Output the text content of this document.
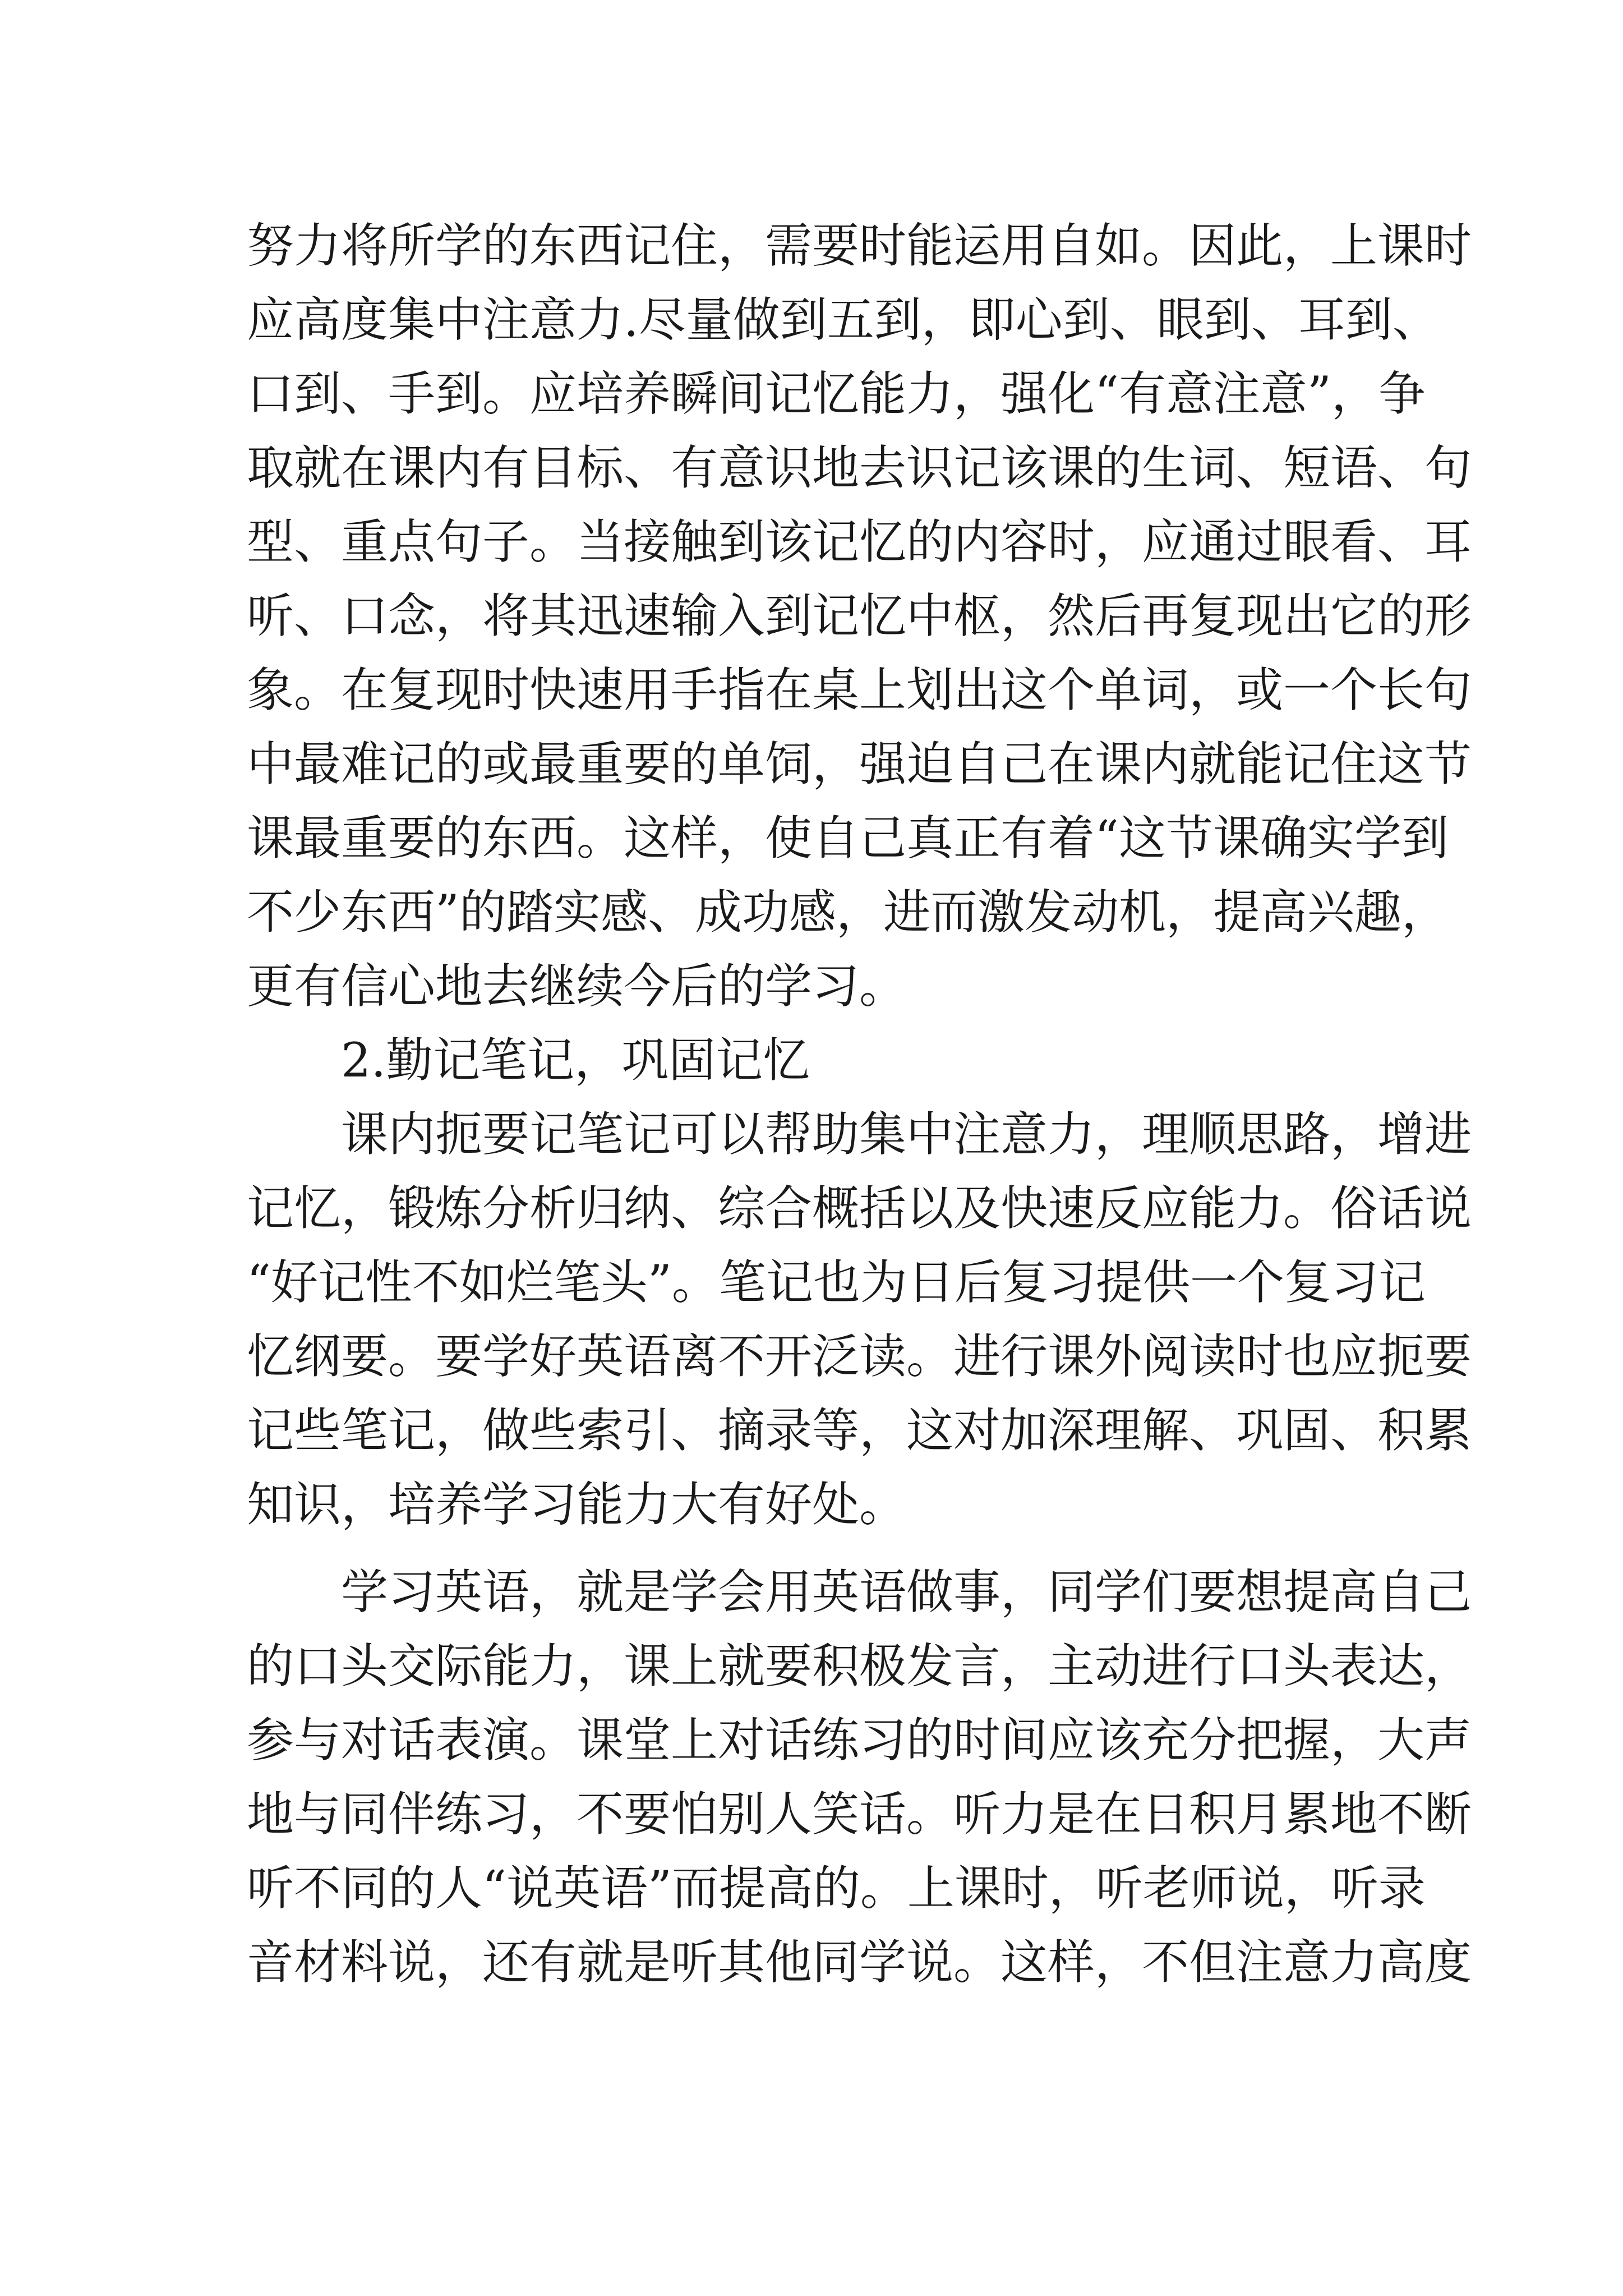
努力将所学的东西记住，需要时能运用自如。因此，上课时
应高度集中注意力.尽量做到五到，即心到、眼到、耳到、
口到、手到。应培养瞬间记忆能力，强化“有意注意”，争
取就在课内有目标、有意识地去识记该课的生词、短语、句
型、重点句子。当接触到该记忆的内容时，应通过眼看、耳
听、口念，将其迅速输入到记忆中枢，然后再复现出它的形
象。在复现时快速用手指在桌上划出这个单词，或一个长句
中最难记的或最重要的单饲，强迫自己在课内就能记住这节
课最重要的东西。这样，使自己真正有着“这节课确实学到
不少东西”的踏实感、成功感，进而激发动机，提高兴趣，
更有信心地去继续今后的学习。
2.勤记笔记，巩固记忆
课内扼要记笔记可以帮助集中注意力，理顺思路，增进
记忆，锻炼分析归纳、综合概括以及快速反应能力。俗话说
“好记性不如烂笔头”。笔记也为日后复习提供一个复习记
忆纲要。要学好英语离不开泛读。进行课外阅读时也应扼要
记些笔记，做些索引、摘录等，这对加深理解、巩固、积累
知识，培养学习能力大有好处。
学习英语，就是学会用英语做事，同学们要想提高自己
的口头交际能力，课上就要积极发言，主动进行口头表达，
参与对话表演。课堂上对话练习的时间应该充分把握，大声
地与同伴练习，不要怕别人笑话。听力是在日积月累地不断
听不同的人“说英语”而提高的。上课时，听老师说，听录
音材料说，还有就是听其他同学说。这样，不但注意力高度
